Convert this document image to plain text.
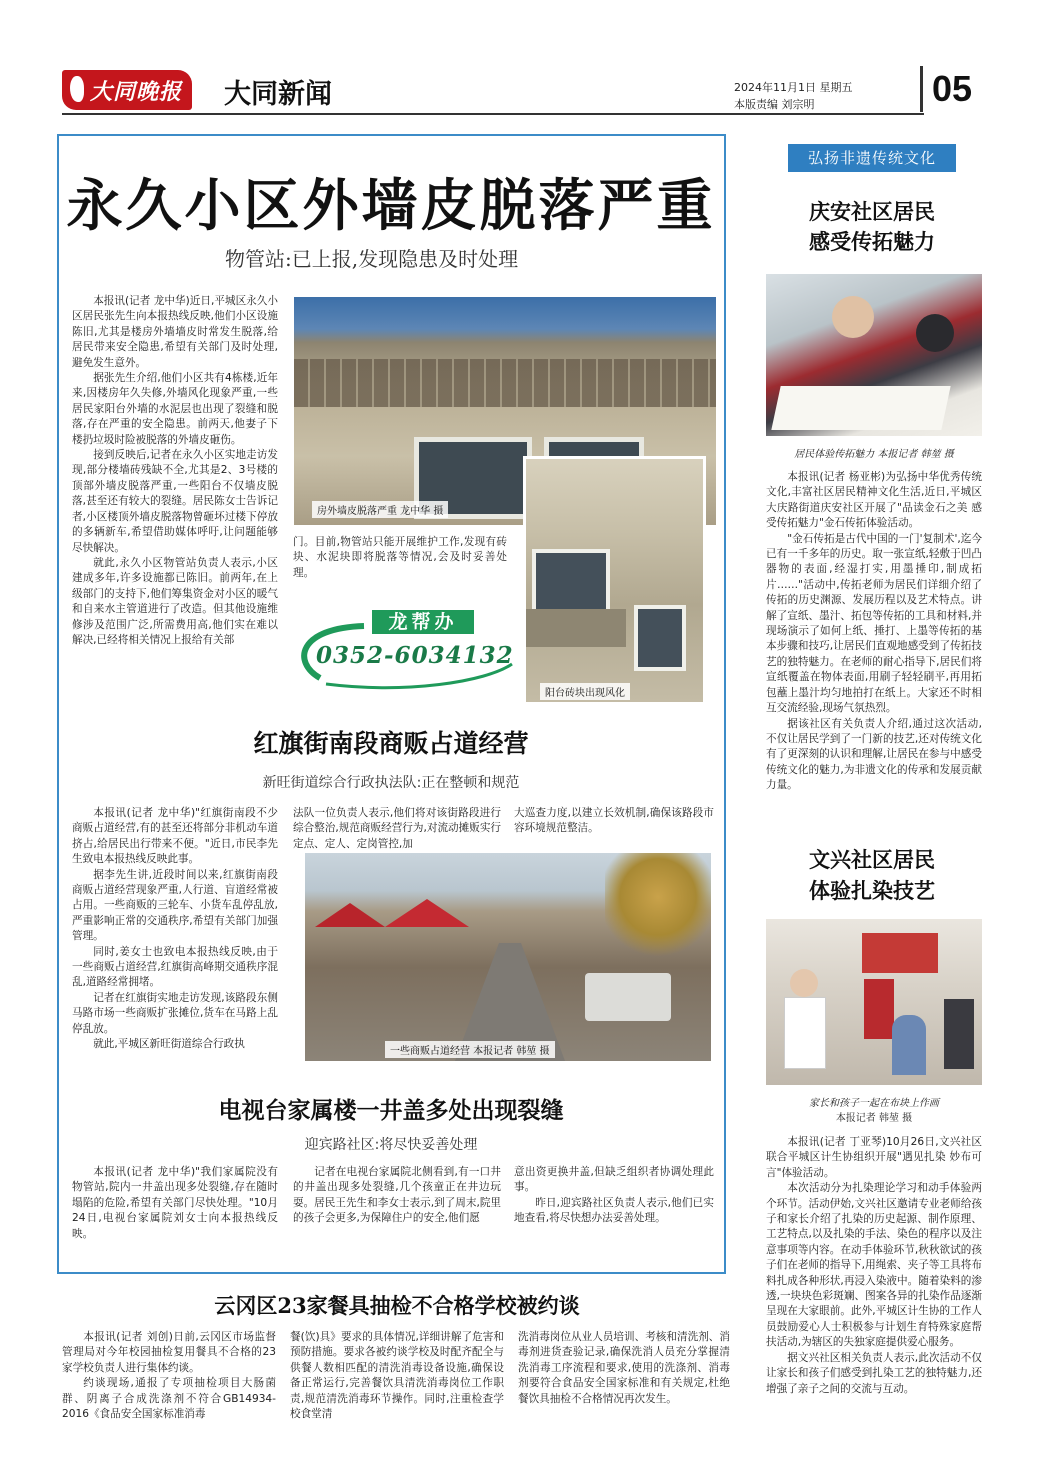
大同晚报 大同新闻	2024年11月1日 星期五
本版责编 刘宗明	05
永久小区外墙皮脱落严重
物管站:已上报,发现隐患及时处理

本报讯(记者 龙中华)近日,平城区永久小区居民张先生向本报热线反映,他们小区设施陈旧,尤其是楼房外墙墙皮时常发生脱落,给居民带来安全隐患,希望有关部门及时处理,避免发生意外。

据张先生介绍,他们小区共有4栋楼,近年来,因楼房年久失修,外墙风化现象严重,一些居民家阳台外墙的水泥层也出现了裂缝和脱落,存在严重的安全隐患。前两天,他妻子下楼扔垃圾时险被脱落的外墙皮砸伤。

接到反映后,记者在永久小区实地走访发现,部分楼墙砖残缺不全,尤其是2、3号楼的顶部外墙皮脱落严重,一些阳台不仅墙皮脱落,甚至还有较大的裂缝。居民陈女士告诉记者,小区楼顶外墙皮脱落物曾砸坏过楼下停放的多辆新车,希望借助媒体呼吁,让问题能够尽快解决。

就此,永久小区物管站负责人表示,小区建成多年,许多设施都已陈旧。前两年,在上级部门的支持下,他们筹集资金对小区的暖气和自来水主管道进行了改造。但其他设施维修涉及范围广泛,所需费用高,他们实在难以解决,已经将相关情况上报给有关部

房外墙皮脱落严重 龙中华 摄
阳台砖块出现风化

门。目前,物管站只能开展维护工作,发现有砖块、水泥块即将脱落等情况,会及时妥善处理。

龙帮办
0352-6034132
红旗街南段商贩占道经营
新旺街道综合行政执法队:正在整顿和规范

本报讯(记者 龙中华)"红旗街南段不少商贩占道经营,有的甚至还将部分非机动车道挤占,给居民出行带来不便。"近日,市民李先生致电本报热线反映此事。

据李先生讲,近段时间以来,红旗街南段商贩占道经营现象严重,人行道、盲道经常被占用。一些商贩的三轮车、小货车乱停乱放,严重影响正常的交通秩序,希望有关部门加强管理。

同时,姜女士也致电本报热线反映,由于一些商贩占道经营,红旗街高峰期交通秩序混乱,道路经常拥堵。

记者在红旗街实地走访发现,该路段东侧马路市场一些商贩扩张摊位,货车在马路上乱停乱放。

就此,平城区新旺街道综合行政执

法队一位负责人表示,他们将对该街路段进行综合整治,规范商贩经营行为,对流动摊贩实行定点、定人、定岗管控,加

大巡查力度,以建立长效机制,确保该路段市容环境规范整洁。

一些商贩占道经营 本报记者 韩堃 摄
电视台家属楼一井盖多处出现裂缝
迎宾路社区:将尽快妥善处理

本报讯(记者 龙中华)"我们家属院没有物管站,院内一井盖出现多处裂缝,存在随时塌陷的危险,希望有关部门尽快处理。"10月24日,电视台家属院刘女士向本报热线反映。

记者在电视台家属院北侧看到,有一口井的井盖出现多处裂缝,几个孩童正在井边玩耍。居民王先生和李女士表示,到了周末,院里的孩子会更多,为保障住户的安全,他们愿

意出资更换井盖,但缺乏组织者协调处理此事。

昨日,迎宾路社区负责人表示,他们已实地查看,将尽快想办法妥善处理。

云冈区23家餐具抽检不合格学校被约谈

本报讯(记者 刘创)日前,云冈区市场监督管理局对今年校园抽检复用餐具不合格的23家学校负责人进行集体约谈。

约谈现场,通报了专项抽检项目大肠菌群、阴离子合成洗涤剂不符合GB14934-2016《食品安全国家标准消毒

餐(饮)具》要求的具体情况,详细讲解了危害和预防措施。要求各被约谈学校及时配齐配全与供餐人数相匹配的清洗消毒设备设施,确保设备正常运行,完善餐饮具清洗消毒岗位工作职责,规范清洗消毒环节操作。同时,注重检查学校食堂清

洗消毒岗位从业人员培训、考核和清洗剂、消毒剂进货查验记录,确保洗消人员充分掌握清洗消毒工序流程和要求,使用的洗涤剂、消毒剂要符合食品安全国家标准和有关规定,杜绝餐饮具抽检不合格情况再次发生。

弘扬非遗传统文化
庆安社区居民
感受传拓魅力
居民体验传拓魅力 本报记者 韩堃 摄

本报讯(记者 杨亚彬)为弘扬中华优秀传统文化,丰富社区居民精神文化生活,近日,平城区大庆路街道庆安社区开展了"品读金石之美 感受传拓魅力"金石传拓体验活动。

"金石传拓是古代中国的一门'复制术',迄今已有一千多年的历史。取一张宣纸,轻敷于凹凸器物的表面,经湿打实,用墨捶印,制成拓片……"活动中,传拓老师为居民们详细介绍了传拓的历史渊源、发展历程以及艺术特点。讲解了宣纸、墨汁、拓包等传拓的工具和材料,并现场演示了如何上纸、捶打、上墨等传拓的基本步骤和技巧,让居民们直观地感受到了传拓技艺的独特魅力。在老师的耐心指导下,居民们将宣纸覆盖在物体表面,用刷子轻轻刷平,再用拓包蘸上墨汁均匀地拍打在纸上。大家还不时相互交流经验,现场气氛热烈。

据该社区有关负责人介绍,通过这次活动,不仅让居民学到了一门新的技艺,还对传统文化有了更深刻的认识和理解,让居民在参与中感受传统文化的魅力,为非遗文化的传承和发展贡献力量。

文兴社区居民
体验扎染技艺
家长和孩子一起在布块上作画
本报记者 韩堃 摄

本报讯(记者 丁亚琴)10月26日,文兴社区联合平城区计生协组织开展"遇见扎染 妙布可言"体验活动。

本次活动分为扎染理论学习和动手体验两个环节。活动伊始,文兴社区邀请专业老师给孩子和家长介绍了扎染的历史起源、制作原理、工艺特点,以及扎染的手法、染色的程序以及注意事项等内容。在动手体验环节,秋秋欲试的孩子们在老师的指导下,用绳索、夹子等工具将布料扎成各种形状,再浸入染液中。随着染料的渗透,一块块色彩斑斓、图案各异的扎染作品逐渐呈现在大家眼前。此外,平城区计生协的工作人员鼓励爱心人士积极参与计划生育特殊家庭帮扶活动,为辖区的失独家庭提供爱心服务。

据文兴社区相关负责人表示,此次活动不仅让家长和孩子们感受到扎染工艺的独特魅力,还增强了亲子之间的交流与互动。
